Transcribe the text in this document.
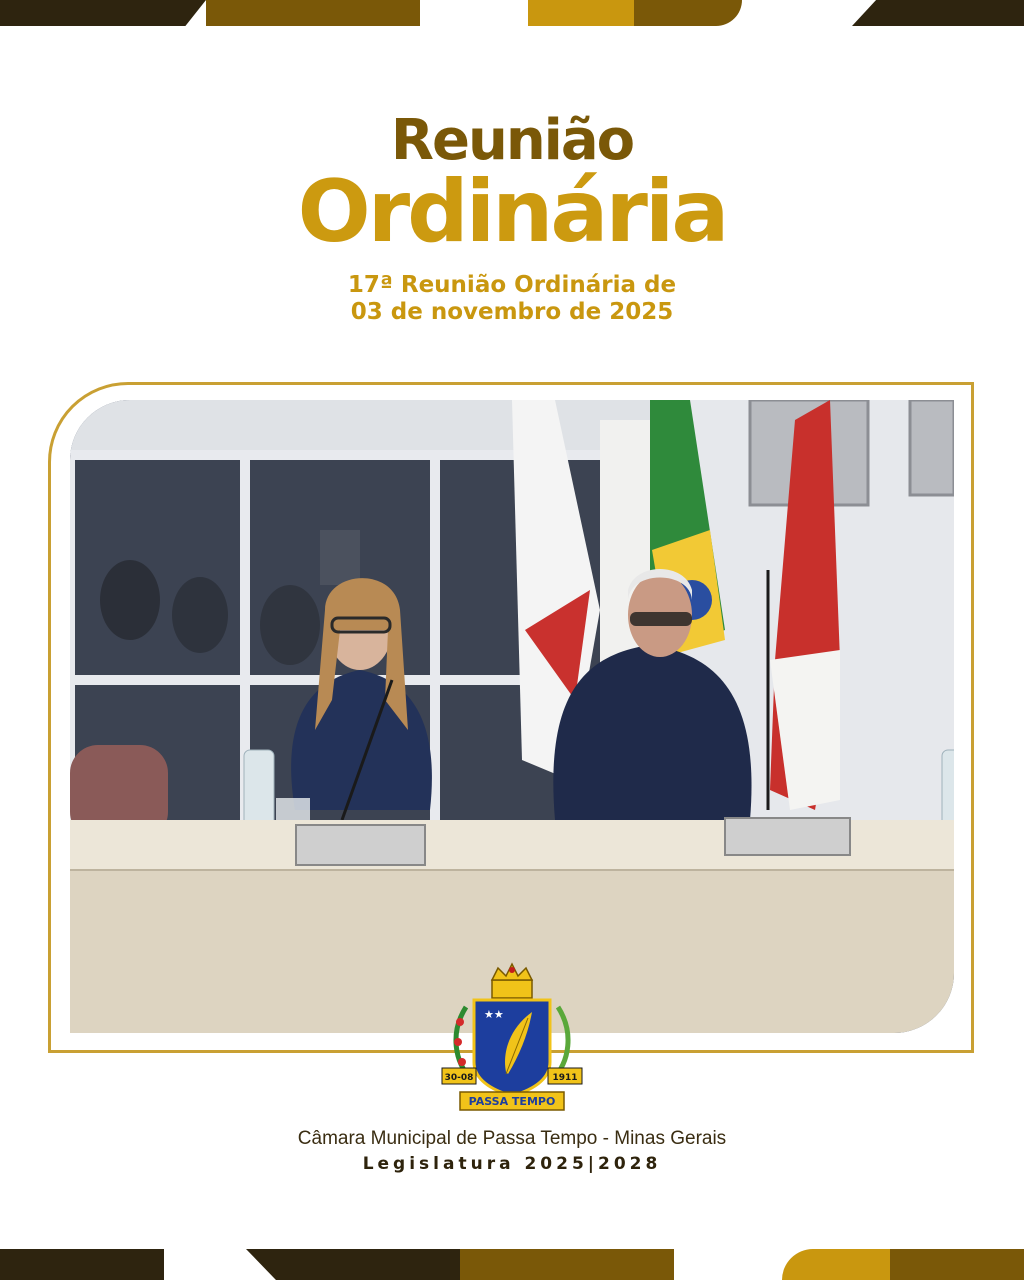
Reunião
Ordinária
17ª Reunião Ordinária de
03 de novembro de 2025
★★
30-08	1911
PASSA TEMPO
Câmara Municipal de Passa Tempo - Minas Gerais
Legislatura 2025|2028
